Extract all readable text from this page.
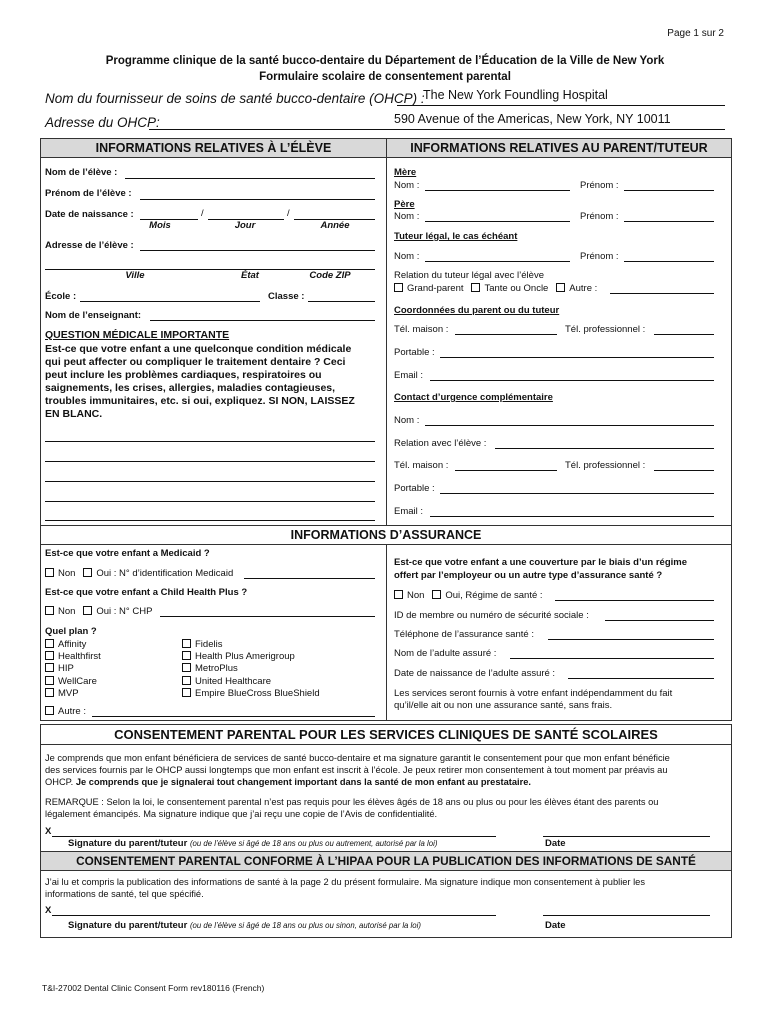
Page 1 sur 2
Programme clinique de la santé bucco-dentaire du Département de l’Éducation de la Ville de New York
Formulaire scolaire de consentement parental
Nom du fournisseur de soins de santé bucco-dentaire (OHCP) :
The New York Foundling Hospital
Adresse du OHCP:	590 Avenue of the Americas, New York, NY 10011
INFORMATIONS RELATIVES À L’ÉLÈVE	INFORMATIONS RELATIVES AU PARENT/TUTEUR
Nom de l’élève :
Prénom de l’élève :
Date de naissance :	/	/
Mois	Jour	Année
Adresse de l’élève :
Ville	État	Code ZIP
École :	Classe :
Nom de l’enseignant:
QUESTION MÉDICALE IMPORTANTE
Est-ce que votre enfant a une quelconque condition médicale
qui peut affecter ou compliquer le traitement dentaire ? Ceci
peut inclure les problèmes cardiaques, respiratoires ou
saignements, les crises, allergies, maladies contagieuses,
troubles immunitaires, etc. si oui, expliquez. SI NON, LAISSEZ
EN BLANC.
Mère
Nom :	Prénom :
Père
Nom :	Prénom :
Tuteur légal, le cas échéant
Nom :	Prénom :
Relation du tuteur légal avec l’élève
Grand-parent Tante ou Oncle Autre :
Coordonnées du parent ou du tuteur
Tél. maison :	Tél. professionnel :
Portable :
Email :
Contact d’urgence complémentaire
Nom :
Relation avec l’élève :
Tél. maison :	Tél. professionnel :
Portable :
Email :
INFORMATIONS D’ASSURANCE
Est-ce que votre enfant a Medicaid ?
Non Oui : N° d’identification Medicaid
Est-ce que votre enfant a Child Health Plus ?
Non Oui : N° CHP
Quel plan ?
Affinity
Healthfirst
HIP
WellCare
MVP
Fidelis
Health Plus Amerigroup
MetroPlus
United Healthcare
Empire BlueCross BlueShield
Autre :
Est-ce que votre enfant a une couverture par le biais d’un régime
offert par l’employeur ou un autre type d’assurance santé ?
Non Oui, Régime de santé :
ID de membre ou numéro de sécurité sociale :
Téléphone de l’assurance santé :
Nom de l’adulte assuré :
Date de naissance de l’adulte assuré :
Les services seront fournis à votre enfant indépendamment du fait
qu’il/elle ait ou non une assurance santé, sans frais.
CONSENTEMENT PARENTAL POUR LES SERVICES CLINIQUES DE SANTÉ SCOLAIRES
Je comprends que mon enfant bénéficiera de services de santé bucco-dentaire et ma signature garantit le consentement pour que mon enfant bénéficie
des services fournis par le OHCP aussi longtemps que mon enfant est inscrit à l’école. Je peux retirer mon consentement à tout moment par préavis au
OHCP. Je comprends que je signalerai tout changement important dans la santé de mon enfant au prestataire.
REMARQUE : Selon la loi, le consentement parental n’est pas requis pour les élèves âgés de 18 ans ou plus ou pour les élèves étant des parents ou
légalement émancipés. Ma signature indique que j’ai reçu une copie de l’Avis de confidentialité.
X
Signature du parent/tuteur (ou de l’élève si âgé de 18 ans ou plus ou autrement, autorisé par la loi)	Date
CONSENTEMENT PARENTAL CONFORME À L’HIPAA POUR LA PUBLICATION DES INFORMATIONS DE SANTÉ
J’ai lu et compris la publication des informations de santé à la page 2 du présent formulaire. Ma signature indique mon consentement à publier les
informations de santé, tel que spécifié.
X
Signature du parent/tuteur (ou de l’élève si âgé de 18 ans ou plus ou sinon, autorisé par la loi)	Date
T&I-27002 Dental Clinic Consent Form rev180116 (French)
